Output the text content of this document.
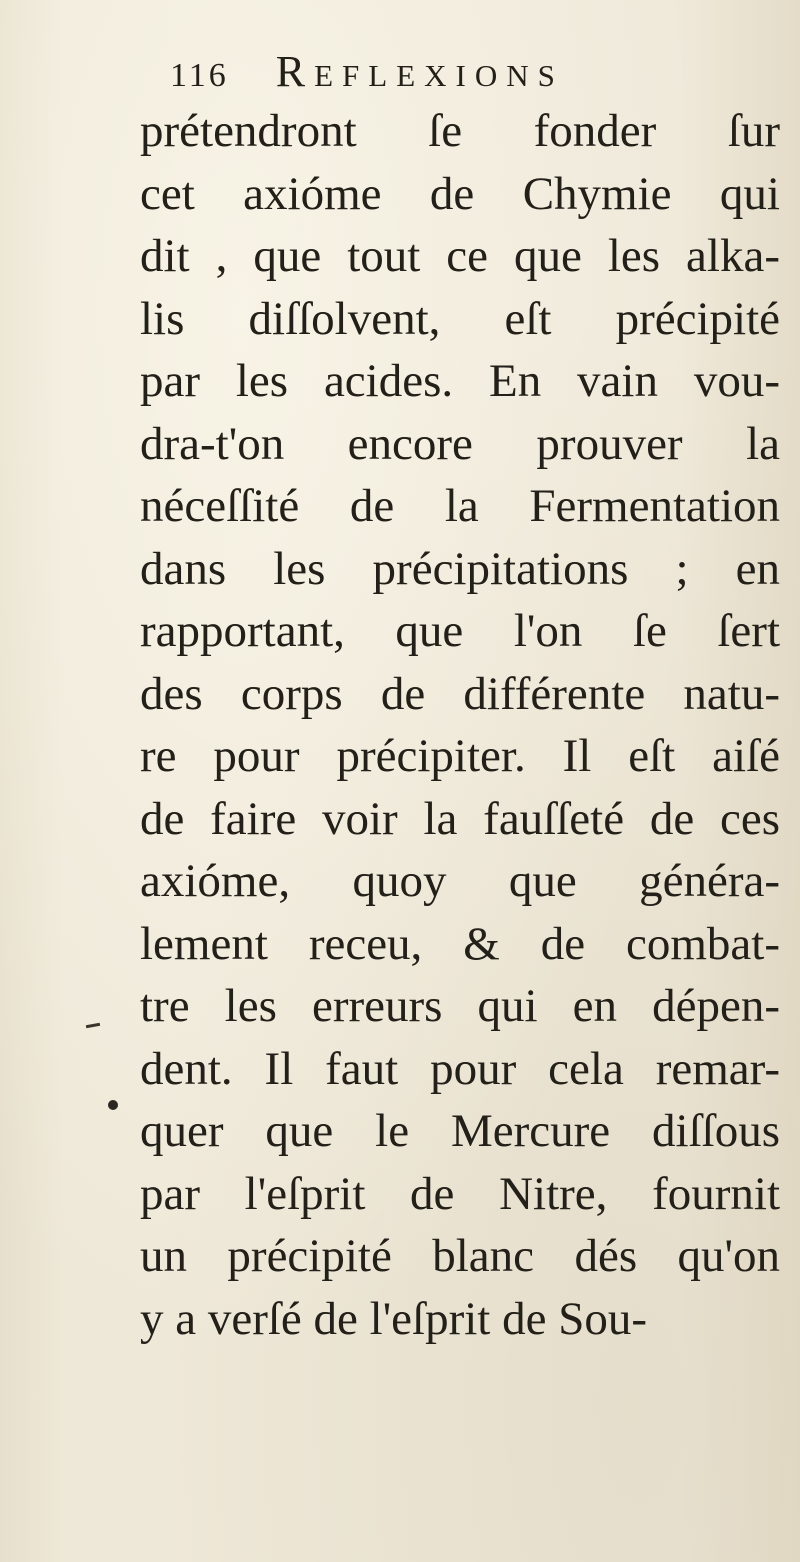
116 Reflexions
prétendront ſe fonder ſur
cet axióme de Chymie qui
dit , que tout ce que les alka-
lis diſſolvent, eſt précipité
par les acides. En vain vou-
dra-t'on encore prouver la
néceſſité de la Fermentation
dans les précipitations ; en
rapportant, que l'on ſe ſert
des corps de différente natu-
re pour précipiter. Il eſt aiſé
de faire voir la fauſſeté de ces
axióme, quoy que généra-
lement receu, & de combat-
tre les erreurs qui en dépen-
dent. Il faut pour cela remar-
quer que le Mercure diſſous
par l'eſprit de Nitre, fournit
un précipité blanc dés qu'on
y a verſé de l'eſprit de Sou-
